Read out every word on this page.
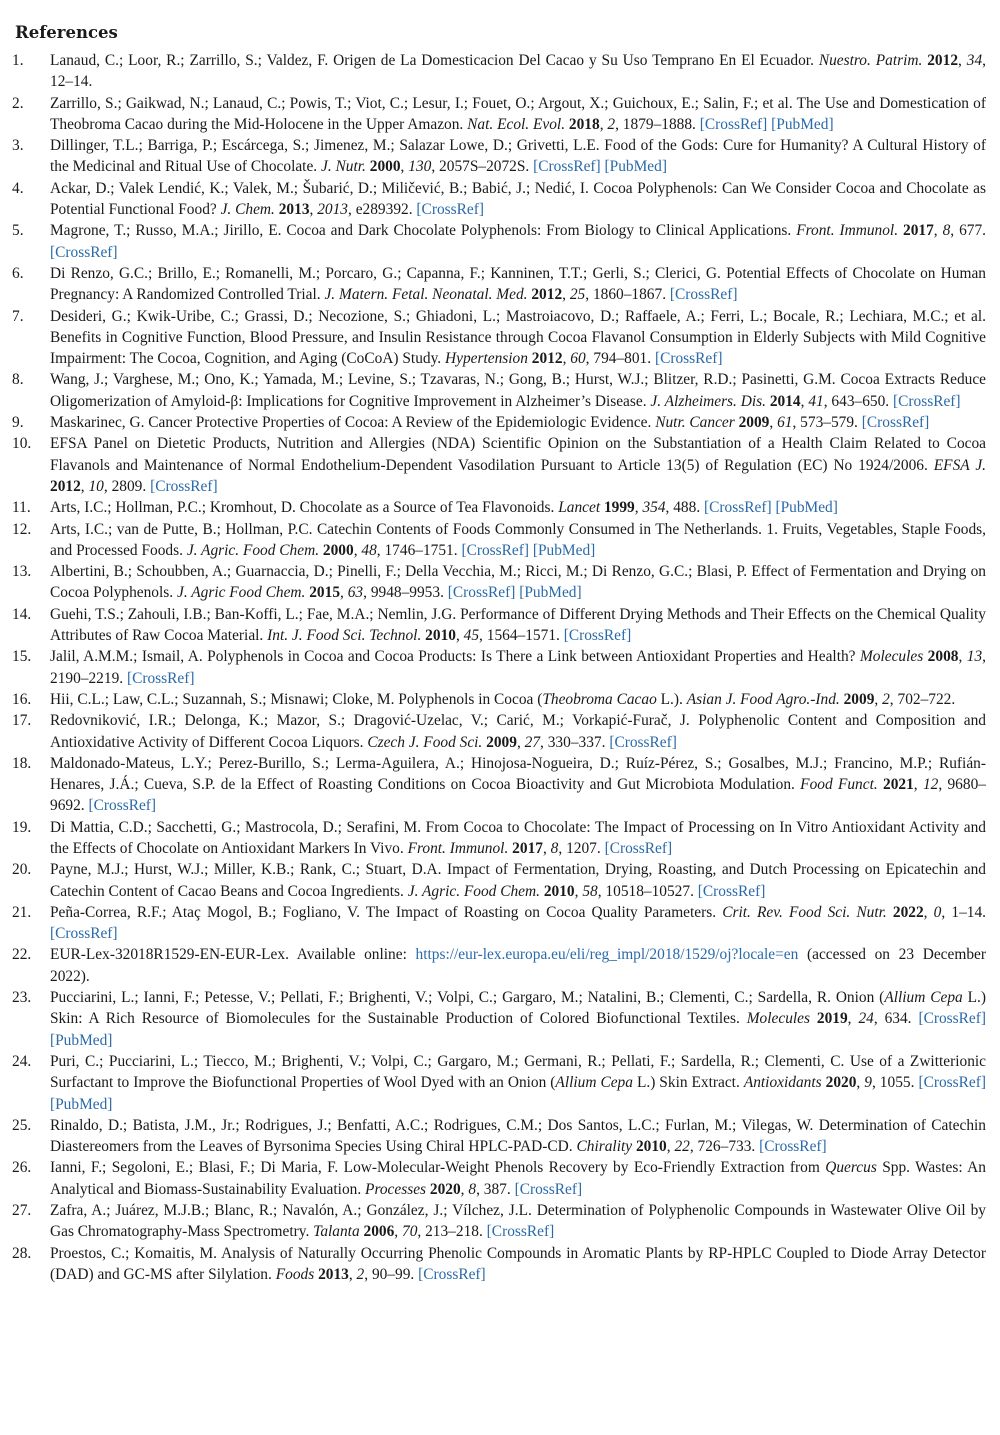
References
1.	Lanaud, C.; Loor, R.; Zarrillo, S.; Valdez, F. Origen de La Domesticacion Del Cacao y Su Uso Temprano En El Ecuador. Nuestro. Patrim. 2012, 34, 12–14.
2.	Zarrillo, S.; Gaikwad, N.; Lanaud, C.; Powis, T.; Viot, C.; Lesur, I.; Fouet, O.; Argout, X.; Guichoux, E.; Salin, F.; et al. The Use and Domestication of Theobroma Cacao during the Mid-Holocene in the Upper Amazon. Nat. Ecol. Evol. 2018, 2, 1879–1888. [CrossRef] [PubMed]
3.	Dillinger, T.L.; Barriga, P.; Escárcega, S.; Jimenez, M.; Salazar Lowe, D.; Grivetti, L.E. Food of the Gods: Cure for Humanity? A Cultural History of the Medicinal and Ritual Use of Chocolate. J. Nutr. 2000, 130, 2057S–2072S. [CrossRef] [PubMed]
4.	Ackar, D.; Valek Lendić, K.; Valek, M.; Šubarić, D.; Miličević, B.; Babić, J.; Nedić, I. Cocoa Polyphenols: Can We Consider Cocoa and Chocolate as Potential Functional Food? J. Chem. 2013, 2013, e289392. [CrossRef]
5.	Magrone, T.; Russo, M.A.; Jirillo, E. Cocoa and Dark Chocolate Polyphenols: From Biology to Clinical Applications. Front. Immunol. 2017, 8, 677. [CrossRef]
6.	Di Renzo, G.C.; Brillo, E.; Romanelli, M.; Porcaro, G.; Capanna, F.; Kanninen, T.T.; Gerli, S.; Clerici, G. Potential Effects of Chocolate on Human Pregnancy: A Randomized Controlled Trial. J. Matern. Fetal. Neonatal. Med. 2012, 25, 1860–1867. [CrossRef]
7.	Desideri, G.; Kwik-Uribe, C.; Grassi, D.; Necozione, S.; Ghiadoni, L.; Mastroiacovo, D.; Raffaele, A.; Ferri, L.; Bocale, R.; Lechiara, M.C.; et al. Benefits in Cognitive Function, Blood Pressure, and Insulin Resistance through Cocoa Flavanol Consumption in Elderly Subjects with Mild Cognitive Impairment: The Cocoa, Cognition, and Aging (CoCoA) Study. Hypertension 2012, 60, 794–801. [CrossRef]
8.	Wang, J.; Varghese, M.; Ono, K.; Yamada, M.; Levine, S.; Tzavaras, N.; Gong, B.; Hurst, W.J.; Blitzer, R.D.; Pasinetti, G.M. Cocoa Extracts Reduce Oligomerization of Amyloid-β: Implications for Cognitive Improvement in Alzheimer’s Disease. J. Alzheimers. Dis. 2014, 41, 643–650. [CrossRef]
9.	Maskarinec, G. Cancer Protective Properties of Cocoa: A Review of the Epidemiologic Evidence. Nutr. Cancer 2009, 61, 573–579. [CrossRef]
10.	EFSA Panel on Dietetic Products, Nutrition and Allergies (NDA) Scientific Opinion on the Substantiation of a Health Claim Related to Cocoa Flavanols and Maintenance of Normal Endothelium-Dependent Vasodilation Pursuant to Article 13(5) of Regulation (EC) No 1924/2006. EFSA J. 2012, 10, 2809. [CrossRef]
11.	Arts, I.C.; Hollman, P.C.; Kromhout, D. Chocolate as a Source of Tea Flavonoids. Lancet 1999, 354, 488. [CrossRef] [PubMed]
12.	Arts, I.C.; van de Putte, B.; Hollman, P.C. Catechin Contents of Foods Commonly Consumed in The Netherlands. 1. Fruits, Vegetables, Staple Foods, and Processed Foods. J. Agric. Food Chem. 2000, 48, 1746–1751. [CrossRef] [PubMed]
13.	Albertini, B.; Schoubben, A.; Guarnaccia, D.; Pinelli, F.; Della Vecchia, M.; Ricci, M.; Di Renzo, G.C.; Blasi, P. Effect of Fermentation and Drying on Cocoa Polyphenols. J. Agric Food Chem. 2015, 63, 9948–9953. [CrossRef] [PubMed]
14.	Guehi, T.S.; Zahouli, I.B.; Ban-Koffi, L.; Fae, M.A.; Nemlin, J.G. Performance of Different Drying Methods and Their Effects on the Chemical Quality Attributes of Raw Cocoa Material. Int. J. Food Sci. Technol. 2010, 45, 1564–1571. [CrossRef]
15.	Jalil, A.M.M.; Ismail, A. Polyphenols in Cocoa and Cocoa Products: Is There a Link between Antioxidant Properties and Health? Molecules 2008, 13, 2190–2219. [CrossRef]
16.	Hii, C.L.; Law, C.L.; Suzannah, S.; Misnawi; Cloke, M. Polyphenols in Cocoa (Theobroma Cacao L.). Asian J. Food Agro.-Ind. 2009, 2, 702–722.
17.	Redovniković, I.R.; Delonga, K.; Mazor, S.; Dragović-Uzelac, V.; Carić, M.; Vorkapić-Furač, J. Polyphenolic Content and Composition and Antioxidative Activity of Different Cocoa Liquors. Czech J. Food Sci. 2009, 27, 330–337. [CrossRef]
18.	Maldonado-Mateus, L.Y.; Perez-Burillo, S.; Lerma-Aguilera, A.; Hinojosa-Nogueira, D.; Ruíz-Pérez, S.; Gosalbes, M.J.; Francino, M.P.; Rufián-Henares, J.Á.; Cueva, S.P. de la Effect of Roasting Conditions on Cocoa Bioactivity and Gut Microbiota Modulation. Food Funct. 2021, 12, 9680–9692. [CrossRef]
19.	Di Mattia, C.D.; Sacchetti, G.; Mastrocola, D.; Serafini, M. From Cocoa to Chocolate: The Impact of Processing on In Vitro Antioxidant Activity and the Effects of Chocolate on Antioxidant Markers In Vivo. Front. Immunol. 2017, 8, 1207. [CrossRef]
20.	Payne, M.J.; Hurst, W.J.; Miller, K.B.; Rank, C.; Stuart, D.A. Impact of Fermentation, Drying, Roasting, and Dutch Processing on Epicatechin and Catechin Content of Cacao Beans and Cocoa Ingredients. J. Agric. Food Chem. 2010, 58, 10518–10527. [CrossRef]
21.	Peña-Correa, R.F.; Ataç Mogol, B.; Fogliano, V. The Impact of Roasting on Cocoa Quality Parameters. Crit. Rev. Food Sci. Nutr. 2022, 0, 1–14. [CrossRef]
22.	EUR-Lex-32018R1529-EN-EUR-Lex. Available online: https://eur-lex.europa.eu/eli/reg_impl/2018/1529/oj?locale=en (accessed on 23 December 2022).
23.	Pucciarini, L.; Ianni, F.; Petesse, V.; Pellati, F.; Brighenti, V.; Volpi, C.; Gargaro, M.; Natalini, B.; Clementi, C.; Sardella, R. Onion (Allium Cepa L.) Skin: A Rich Resource of Biomolecules for the Sustainable Production of Colored Biofunctional Textiles. Molecules 2019, 24, 634. [CrossRef] [PubMed]
24.	Puri, C.; Pucciarini, L.; Tiecco, M.; Brighenti, V.; Volpi, C.; Gargaro, M.; Germani, R.; Pellati, F.; Sardella, R.; Clementi, C. Use of a Zwitterionic Surfactant to Improve the Biofunctional Properties of Wool Dyed with an Onion (Allium Cepa L.) Skin Extract. Antioxidants 2020, 9, 1055. [CrossRef] [PubMed]
25.	Rinaldo, D.; Batista, J.M., Jr.; Rodrigues, J.; Benfatti, A.C.; Rodrigues, C.M.; Dos Santos, L.C.; Furlan, M.; Vilegas, W. Determination of Catechin Diastereomers from the Leaves of Byrsonima Species Using Chiral HPLC-PAD-CD. Chirality 2010, 22, 726–733. [CrossRef]
26.	Ianni, F.; Segoloni, E.; Blasi, F.; Di Maria, F. Low-Molecular-Weight Phenols Recovery by Eco-Friendly Extraction from Quercus Spp. Wastes: An Analytical and Biomass-Sustainability Evaluation. Processes 2020, 8, 387. [CrossRef]
27.	Zafra, A.; Juárez, M.J.B.; Blanc, R.; Navalón, A.; González, J.; Vílchez, J.L. Determination of Polyphenolic Compounds in Wastewater Olive Oil by Gas Chromatography-Mass Spectrometry. Talanta 2006, 70, 213–218. [CrossRef]
28.	Proestos, C.; Komaitis, M. Analysis of Naturally Occurring Phenolic Compounds in Aromatic Plants by RP-HPLC Coupled to Diode Array Detector (DAD) and GC-MS after Silylation. Foods 2013, 2, 90–99. [CrossRef]
